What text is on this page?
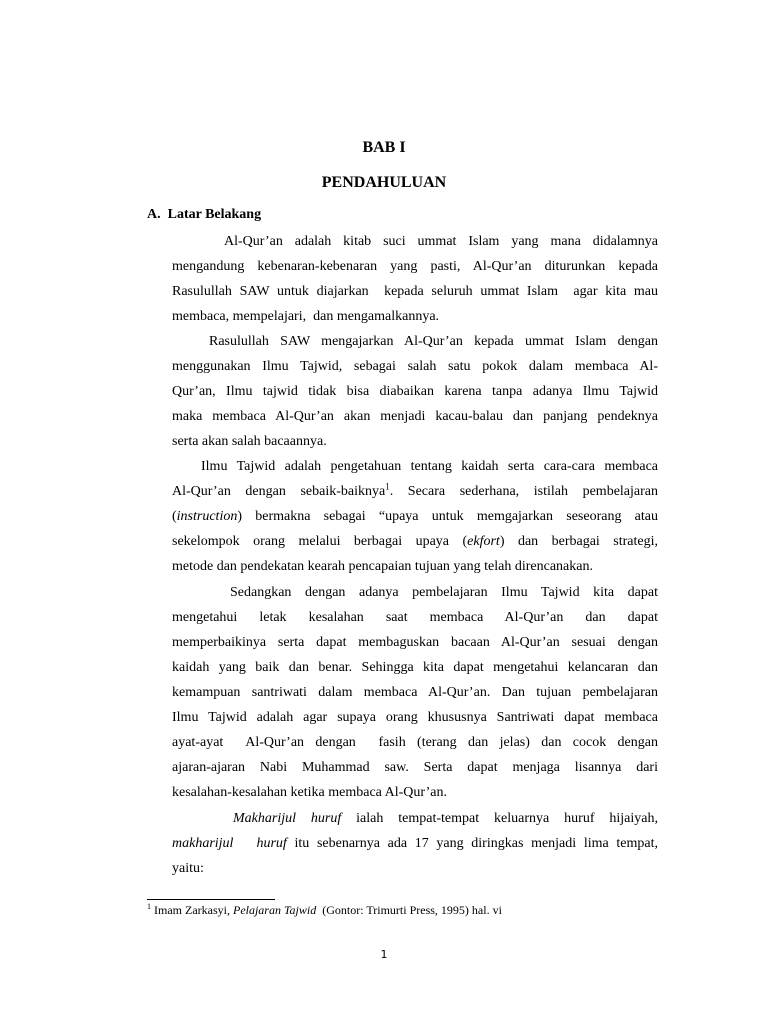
BAB I
PENDAHULUAN
A.  Latar Belakang
Al-Qur’an adalah kitab suci ummat Islam yang mana didalamnya
mengandung kebenaran-kebenaran yang pasti, Al-Qur’an diturunkan kepada
Rasulullah SAW untuk diajarkan  kepada seluruh ummat Islam  agar kita mau
membaca, mempelajari,  dan mengamalkannya.
Rasulullah SAW mengajarkan Al-Qur’an kepada ummat Islam dengan
menggunakan Ilmu Tajwid, sebagai salah satu pokok dalam membaca Al-
Qur’an, Ilmu tajwid tidak bisa diabaikan karena tanpa adanya Ilmu Tajwid
maka membaca Al-Qur’an akan menjadi kacau-balau dan panjang pendeknya
serta akan salah bacaannya.
Ilmu Tajwid adalah pengetahuan tentang kaidah serta cara-cara membaca
Al-Qur’an dengan sebaik-baiknya$^1$. Secara sederhana, istilah pembelajaran
(instruction) bermakna sebagai “upaya untuk memgajarkan seseorang atau
sekelompok orang melalui berbagai upaya (ekfort) dan berbagai strategi,
metode dan pendekatan kearah pencapaian tujuan yang telah direncanakan.
Sedangkan dengan adanya pembelajaran Ilmu Tajwid kita dapat
mengetahui letak kesalahan saat membaca Al-Qur’an dan dapat
memperbaikinya serta dapat membaguskan bacaan Al-Qur’an sesuai dengan
kaidah yang baik dan benar. Sehingga kita dapat mengetahui kelancaran dan
kemampuan santriwati dalam membaca Al-Qur’an. Dan tujuan pembelajaran
Ilmu Tajwid adalah agar supaya orang khususnya Santriwati dapat membaca
ayat-ayat  Al-Qur’an dengan  fasih (terang dan jelas) dan cocok dengan
ajaran-ajaran Nabi Muhammad saw. Serta dapat menjaga lisannya dari
kesalahan-kesalahan ketika membaca Al-Qur’an.
Makharijul huruf ialah tempat-tempat keluarnya huruf hijaiyah,
makharijul   huruf itu sebenarnya ada 17 yang diringkas menjadi lima tempat,
yaitu:
$^1$ Imam Zarkasyi, Pelajaran Tajwid  (Gontor: Trimurti Press, 1995) hal. vi
1
